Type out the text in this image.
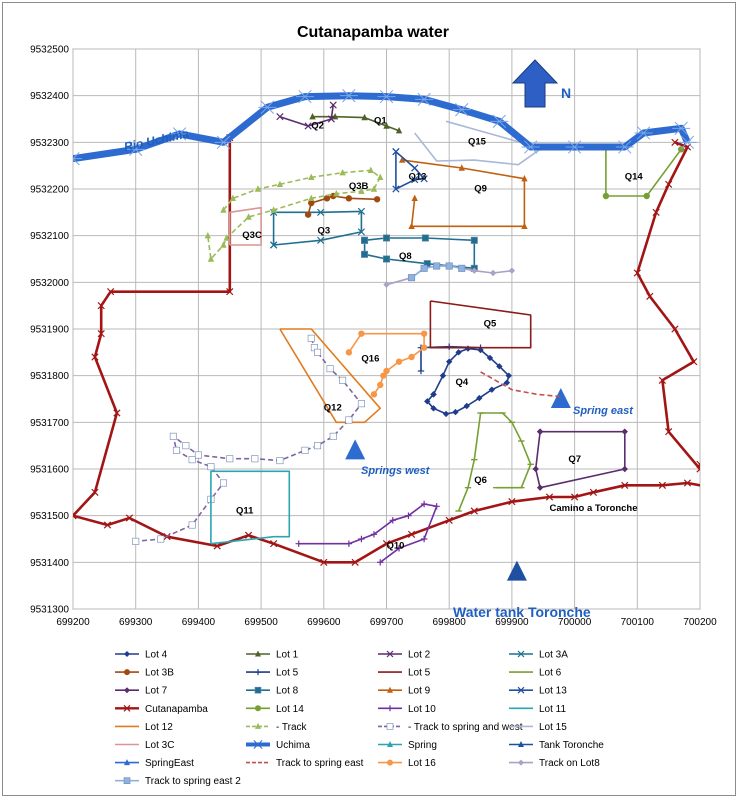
Cutanapamba water
699200	699300	699400	699500	699600	699700	699800	699900	700000	700100	700200
9531300
9531400
9531500
9531600
9531700
9531800
9531900
9532000
9532100
9532200
9532300
9532400
9532500
Q1
Q2
Q3B
Q3
Q3C
Q13
Q9
Q15
Q14
Q8
Q5
Q16
Q4
Q12
Q7
Q6
Q11
Q10
Camino a Toronche
Rio Uchima
Springs west
Spring east
Water tank Toronche
N
Lot 4	Lot 1	Lot 2	Lot 3A
Lot 3B	Lot 5	Lot 5	Lot 6
Lot 7	Lot 8	Lot 9	Lot 13
Cutanapamba	Lot 14	Lot 10	Lot 11
Lot 12	- Track	- Track to spring and west Lot 15
Lot 3C	Uchima	Spring	Tank Toronche
SpringEast	Track to spring east	Lot 16	Track on Lot8
Track to spring east 2
